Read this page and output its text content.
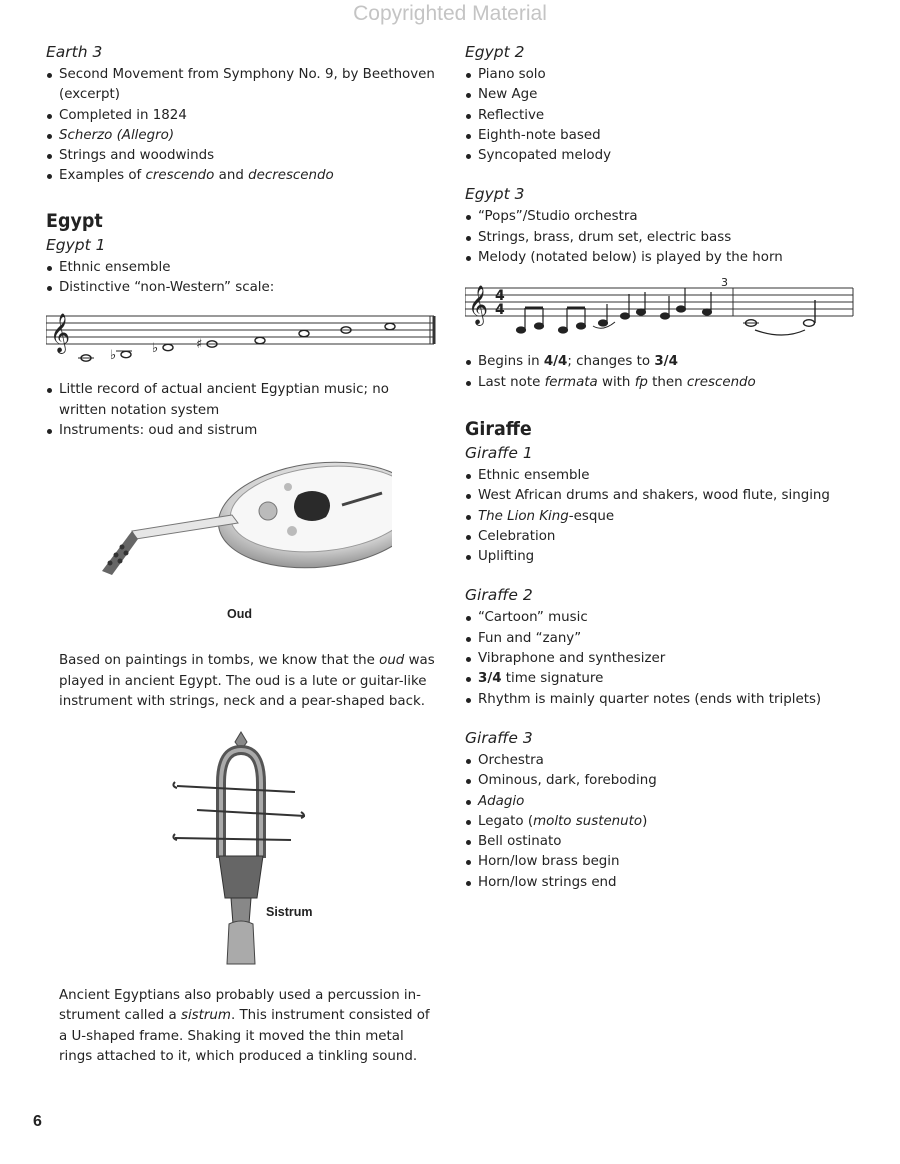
Copyrighted Material
Earth 3
Second Movement from Symphony No. 9, by Beethoven (excerpt)
Completed in 1824
Scherzo (Allegro)
Strings and woodwinds
Examples of crescendo and decrescendo
Egypt
Egypt 1
Ethnic ensemble
Distinctive “non-Western” scale:
𝄞
♭	♭	♯
Little record of actual ancient Egyptian music; no written notation system
Instruments: oud and sistrum
Oud

Based on paintings in tombs, we know that the oud was played in ancient Egypt. The oud is a lute or guitar-like instrument with strings, neck and a pear-shaped back.

Sistrum

Ancient Egyptians also probably used a percussion in-strument called a sistrum. This instrument consisted of a U-shaped frame. Shaking it moved the thin metal rings attached to it, which produced a tinkling sound.

Egypt 2
Piano solo
New Age
Reflective
Eighth-note based
Syncopated melody
Egypt 3
“Pops”/Studio orchestra
Strings, brass, drum set, electric bass
Melody (notated below) is played by the horn
𝄞 4
4
3
Begins in 4/4; changes to 3/4
Last note fermata with fp then crescendo
Giraffe
Giraffe 1
Ethnic ensemble
West African drums and shakers, wood flute, singing
The Lion King-esque
Celebration
Uplifting
Giraffe 2
“Cartoon” music
Fun and “zany”
Vibraphone and synthesizer
3/4 time signature
Rhythm is mainly quarter notes (ends with triplets)
Giraffe 3
Orchestra
Ominous, dark, foreboding
Adagio
Legato (molto sustenuto)
Bell ostinato
Horn/low brass begin
Horn/low strings end
6
